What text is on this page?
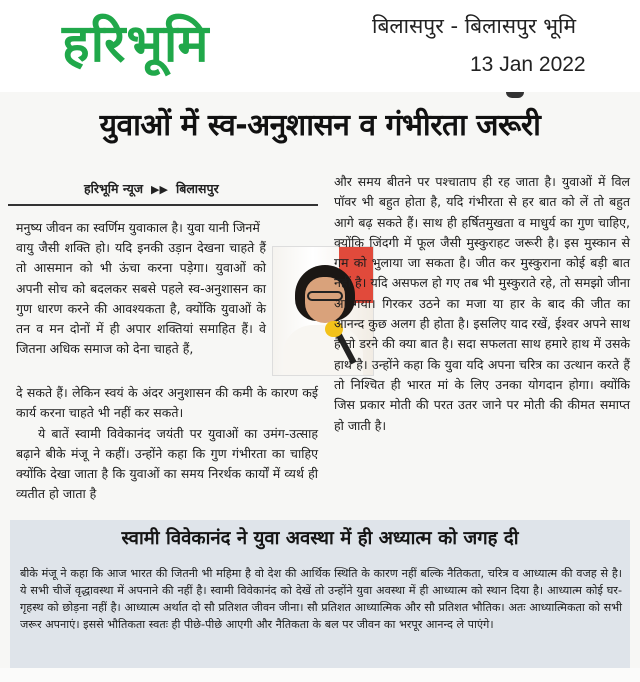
हरिभूमि	बिलासपुर - बिलासपुर भूमि
13 Jan 2022
युवाओं में स्व-अनुशासन व गंभीरता जरूरी
हरिभूमि न्यूज ▶▶ बिलासपुर

मनुष्य जीवन का स्वर्णिम युवाकाल है। युवा यानी जिनमें

वायु जैसी शक्ति हो। यदि इनकी उड़ान देखना चाहते हैं तो आसमान को भी ऊंचा करना पड़ेगा। युवाओं को अपनी सोच को बदलकर सबसे पहले स्व-अनुशासन का गुण धारण करने की आवश्यकता है, क्योंकि युवाओं के तन व मन दोनों में ही अपार शक्तियां समाहित हैं। वे जितना अधिक समाज को देना चाहते हैं,

दे सकते हैं। लेकिन स्वयं के अंदर अनुशासन की कमी के कारण कई कार्य करना चाहते भी नहीं कर सकते।

ये बातें स्वामी विवेकानंद जयंती पर युवाओं का उमंग-उत्साह बढ़ाने बीके मंजू ने कहीं। उन्होंने कहा कि गुण गंभीरता का चाहिए क्योंकि देखा जाता है कि युवाओं का समय निरर्थक कार्यों में व्यर्थ ही व्यतीत हो जाता है

और समय बीतने पर पश्चाताप ही रह जाता है। युवाओं में विल पॉवर भी बहुत होता है, यदि गंभीरता से हर बात को लें तो बहुत आगे बढ़ सकते हैं। साथ ही हर्षितमुखता व माधुर्य का गुण चाहिए, क्योंकि जिंदगी में फूल जैसी मुस्कुराहट जरूरी है। इस मुस्कान से गम को भुलाया जा सकता है। जीत कर मुस्कुराना कोई बड़ी बात नहीं है। यदि असफल हो गए तब भी मुस्कुराते रहे, तो समझो जीना आ गया। गिरकर उठने का मजा या हार के बाद की जीत का आनन्द कुछ अलग ही होता है। इसलिए याद रखें, ईश्वर अपने साथ है तो डरने की क्या बात है। सदा सफलता साथ हमारे हाथ में उसके हाथ है। उन्होंने कहा कि युवा यदि अपना चरित्र का उत्थान करते हैं तो निश्चित ही भारत मां के लिए उनका योगदान होगा। क्योंकि जिस प्रकार मोती की परत उतर जाने पर मोती की कीमत समाप्त हो जाती है।

स्वामी विवेकानंद ने युवा अवस्था में ही अध्यात्म को जगह दी

बीके मंजू ने कहा कि आज भारत की जितनी भी महिमा है वो देश की आर्थिक स्थिति के कारण नहीं बल्कि नैतिकता, चरित्र व आध्यात्म की वजह से है। ये सभी चीजें वृद्धावस्था में अपनाने की नहीं है। स्वामी विवेकानंद को देखें तो उन्होंने युवा अवस्था में ही आध्यात्म को स्थान दिया है। आध्यात्म कोई घर-गृहस्थ को छोड़ना नहीं है। आध्यात्म अर्थात दो सौ प्रतिशत जीवन जीना। सौ प्रतिशत आध्यात्मिक और सौ प्रतिशत भौतिक। अतः आध्यात्मिकता को सभी जरूर अपनाएं। इससे भौतिकता स्वतः ही पीछे-पीछे आएगी और नैतिकता के बल पर जीवन का भरपूर आनन्द ले पाएंगे।
